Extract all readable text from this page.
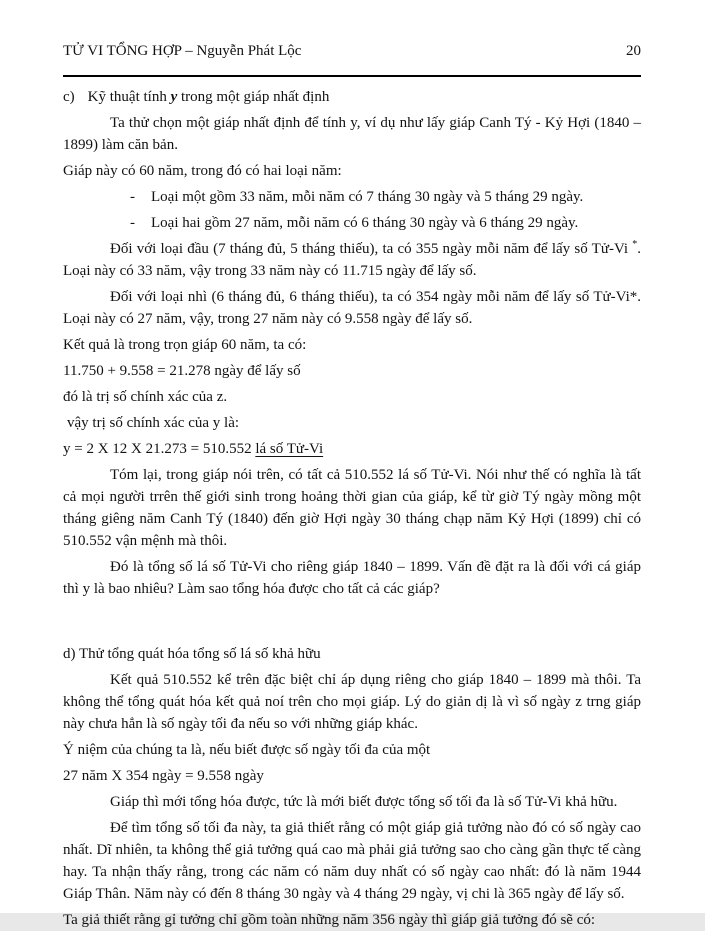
TỬ VI TỔNG HỢP – Nguyễn Phát Lộc	20

c) Kỹ thuật tính y trong một giáp nhất định

Ta thử chọn một giáp nhất định để tính y, ví dụ như lấy giáp Canh Tý - Kỷ Hợi (1840 – 1899) làm căn bản.

Giáp này có 60 năm, trong đó có hai loại năm:

-	Loại một gồm 33 năm, mỗi năm có 7 tháng 30 ngày và 5 tháng 29 ngày.
-	Loại hai gồm 27 năm, mỗi năm có 6 tháng 30 ngày và 6 tháng 29 ngày.

Đối với loại đầu (7 tháng đủ, 5 tháng thiếu), ta có 355 ngày mỗi năm để lấy số Tử-Vi *. Loại này có 33 năm, vậy trong 33 năm này có 11.715 ngày để lấy số.

Đối với loại nhì (6 tháng đủ, 6 tháng thiếu), ta có 354 ngày mỗi năm để lấy số Tử-Vi*. Loại này có 27 năm, vậy, trong 27 năm này có 9.558 ngày để lấy số.

Kết quả là trong trọn giáp 60 năm, ta có:

11.750 + 9.558 = 21.278 ngày để lấy số

đó là trị số chính xác của z.

vậy trị số chính xác của y là:

y = 2 X 12 X 21.273 = 510.552 lá số Tử-Vi

Tóm lại, trong giáp nói trên, có tất cả 510.552 lá số Tử-Vi. Nói như thế có nghĩa là tất cả mọi người trrên thế giới sinh trong hoảng thời gian của giáp, kể từ giờ Tý ngày mồng một tháng giêng năm Canh Tý (1840) đến giờ Hợi ngày 30 tháng chạp năm Kỷ Hợi (1899) chỉ có 510.552 vận mệnh mà thôi.

Đó là tổng số lá số Tử-Vi cho riêng giáp 1840 – 1899. Vấn đề đặt ra là đối với cá giáp thì y là bao nhiêu? Làm sao tổng hóa được cho tất cả các giáp?

d) Thử tổng quát hóa tổng số lá số khả hữu

Kết quả 510.552 kể trên đặc biệt chỉ áp dụng riêng cho giáp 1840 – 1899 mà thôi. Ta không thể tổng quát hóa kết quả noí trên cho mọi giáp. Lý do giản dị là vì số ngày z trng giáp này chưa hẳn là số ngày tối đa nếu so với những giáp khác.

Ý niệm của chúng ta là, nếu biết được số ngày tối đa của một

27 năm X 354 ngày = 9.558 ngày

Giáp thì mới tổng hóa được, tức là mới biết được tổng số tối đa là số Tử-Vi khả hữu.

Để tìm tổng số tối đa này, ta giả thiết rằng có một giáp giả tưởng nào đó có số ngày cao nhất. Dĩ nhiên, ta không thể giả tưởng quá cao mà phải giả tưởng sao cho càng gần thực tế càng hay. Ta nhận thấy rằng, trong các năm có năm duy nhất có số ngày cao nhất: đó là năm 1944 Giáp Thân. Năm này có đến 8 tháng 30 ngày và 4 tháng 29 ngày, vị chi là 365 ngày để lấy số.

Ta giả thiết rằng gỉ tưởng chỉ gồm toàn những năm 356 ngày thì giáp giả tưởng đó sẽ có:
